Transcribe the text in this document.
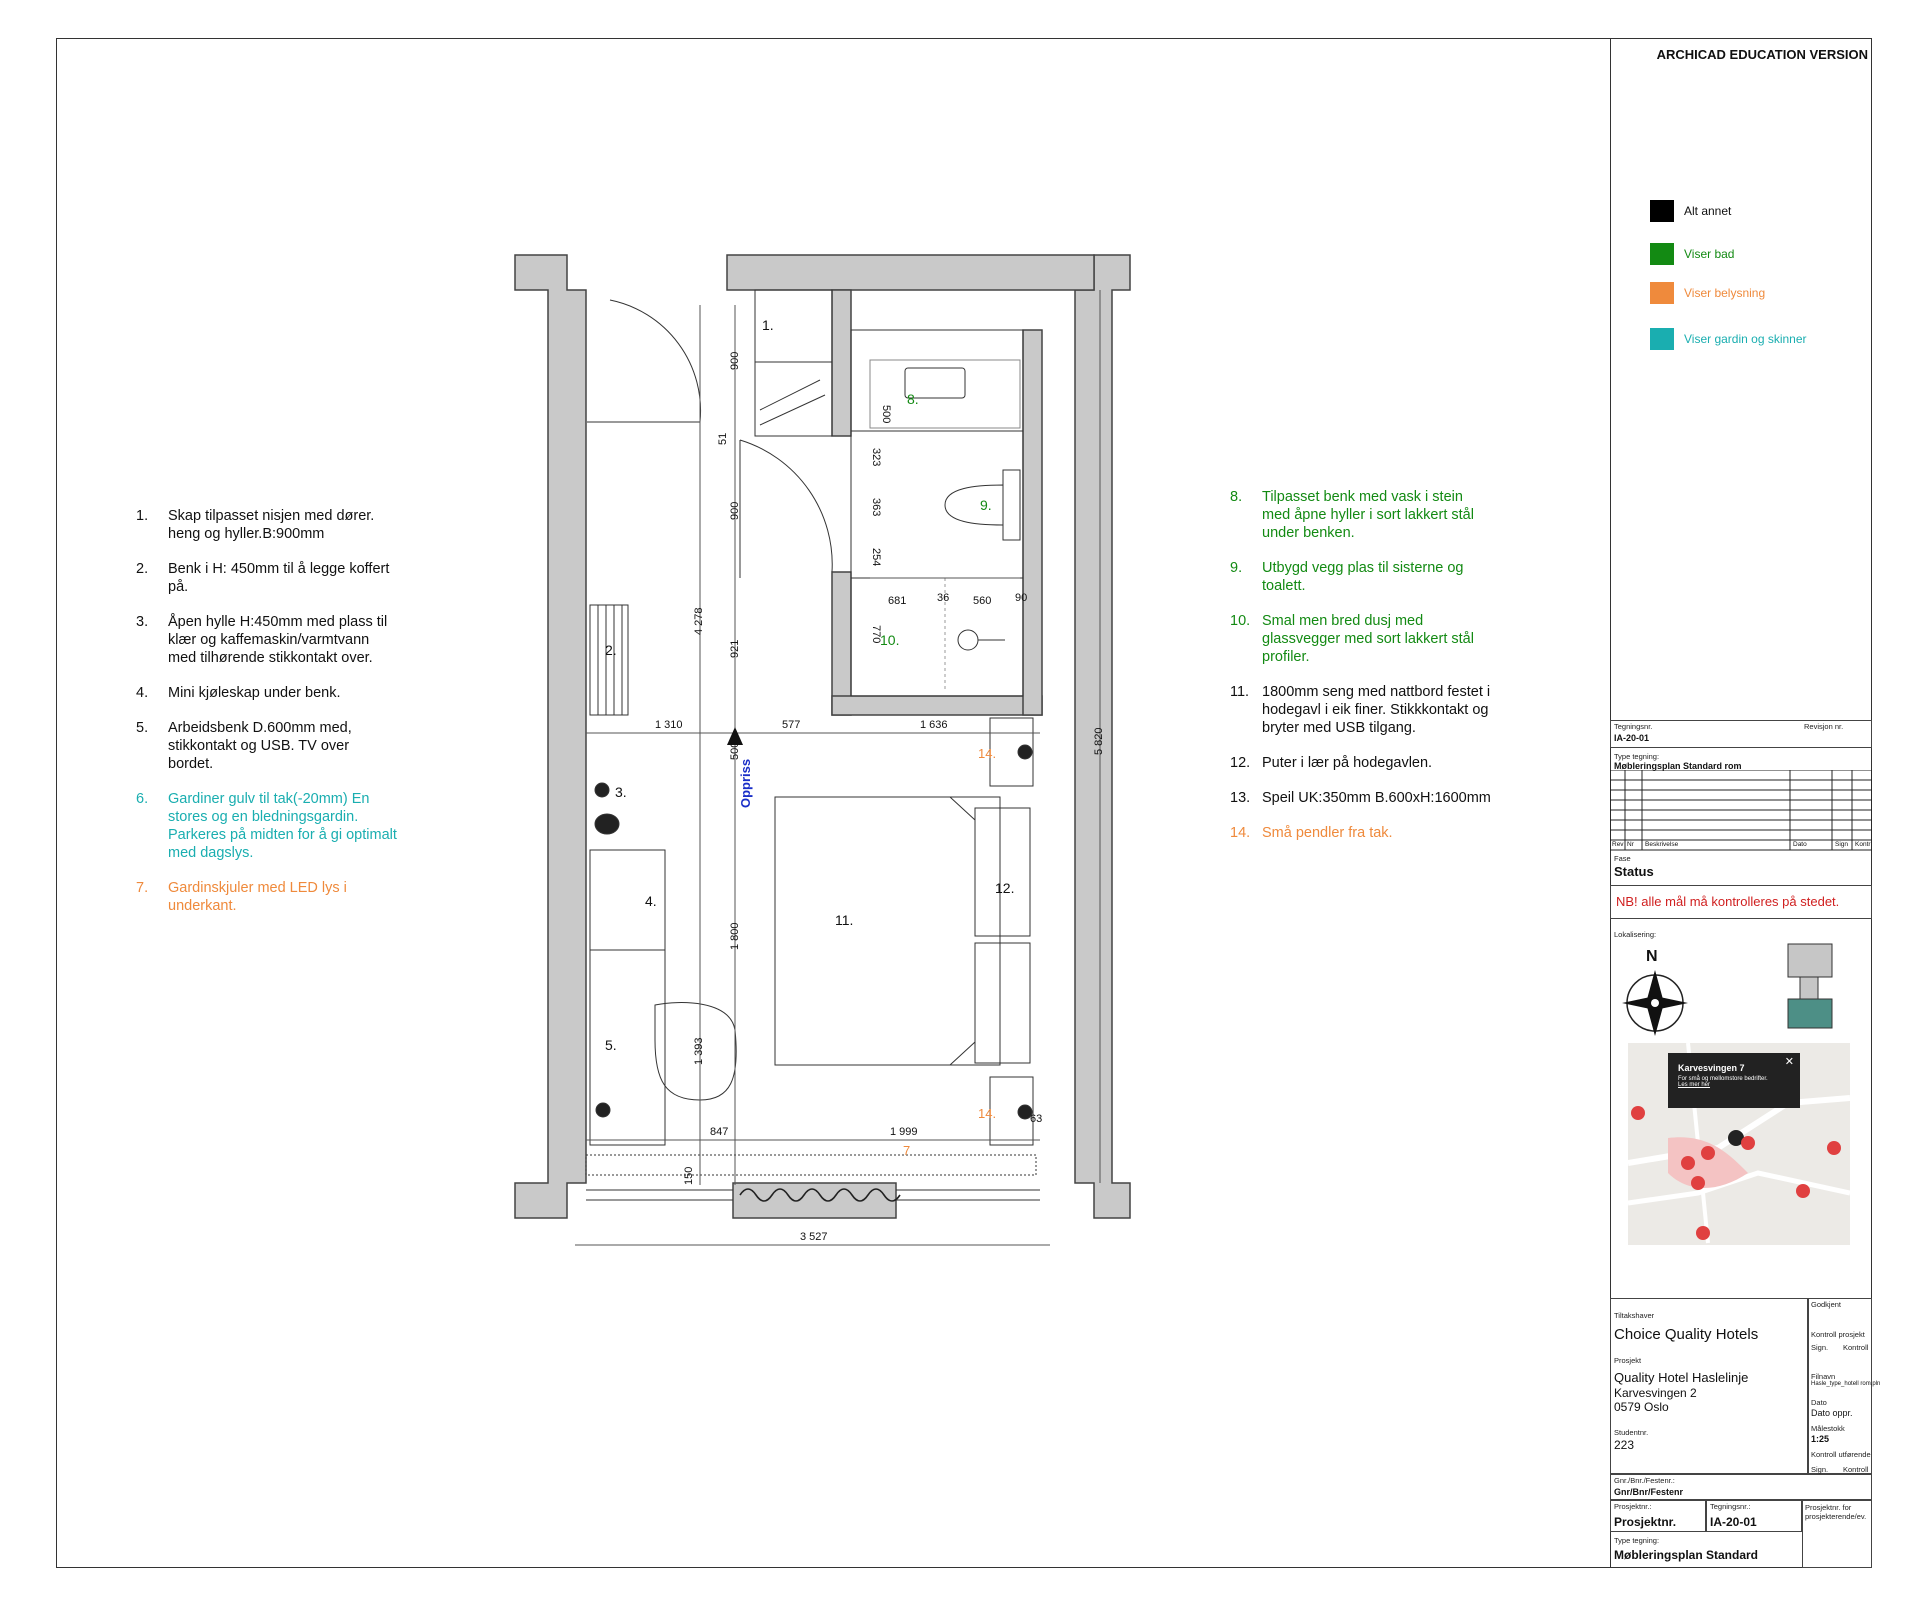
1.	Skap tilpasset nisjen med dører. heng og hyller.B:900mm
2.	Benk i H: 450mm til å legge koffert på.
3.	Åpen hylle H:450mm med plass til klær og kaffemaskin/varmtvann med tilhørende stikkontakt over.
4.	Mini kjøleskap under benk.
5.	Arbeidsbenk D.600mm med, stikkontakt og USB. TV over bordet.
6.	Gardiner gulv til tak(-20mm) En stores og en bledningsgardin. Parkeres på midten for å gi optimalt med dagslys.
7.	Gardinskjuler med LED lys i underkant.
8.	Tilpasset benk med vask i stein med åpne hyller i sort lakkert stål under benken.
9.	Utbygd vegg plas til sisterne og toalett.
10. Smal men bred dusj med glassvegger med sort lakkert stål profiler.
11. 1800mm seng med nattbord festet i hodegavl i eik finer. Stikkkontakt og bryter med USB tilgang.
12. Puter i lær på hodegavlen.
13. Speil UK:350mm B.600xH:1600mm
14. Små pendler fra tak.
1.
2.
3.
4.
5.
11.
12.
8.
9.
10.
14.
14.
7
1 310	577	1 636
847	1 999
3 527
681	36 560 90
63
900
51
900
921
500
1 800
4 278
1 393
150
5 820
500
323
363
254
770
Oppriss
ARCHICAD EDUCATION VERSION
Alt annet
Viser bad
Viser belysning
Viser gardin og skinner
Tegningsnr.
IA-20-01
Revisjon nr.
Type tegning:
Møbleringsplan Standard rom
Rev Nr Beskrivelse	Dato	Sign Kontr
Fase
Status
NB! alle mål må kontrolleres på stedet.
Lokalisering:
N
Karvesvingen 7
For små og mellomstore bedrifter.
Les mer her
✕
Tiltakshaver
Choice Quality Hotels
Prosjekt
Quality Hotel Haslelinje
Karvesvingen 2
0579 Oslo
Studentnr.
223
Godkjent
Kontroll prosjekt
Sign. Kontroll
Filnavn
Hasle_type_hotell rom.pln
Dato
Dato oppr.
Målestokk
1:25
Kontroll utførende
Sign. Kontroll
Gnr./Bnr./Festenr.:
Gnr/Bnr/Festenr
Prosjektnr.:
Prosjektnr.
Tegningsnr.:
IA-20-01
Prosjektnr. for prosjekterende/ev.
Type tegning:
Møbleringsplan Standard
